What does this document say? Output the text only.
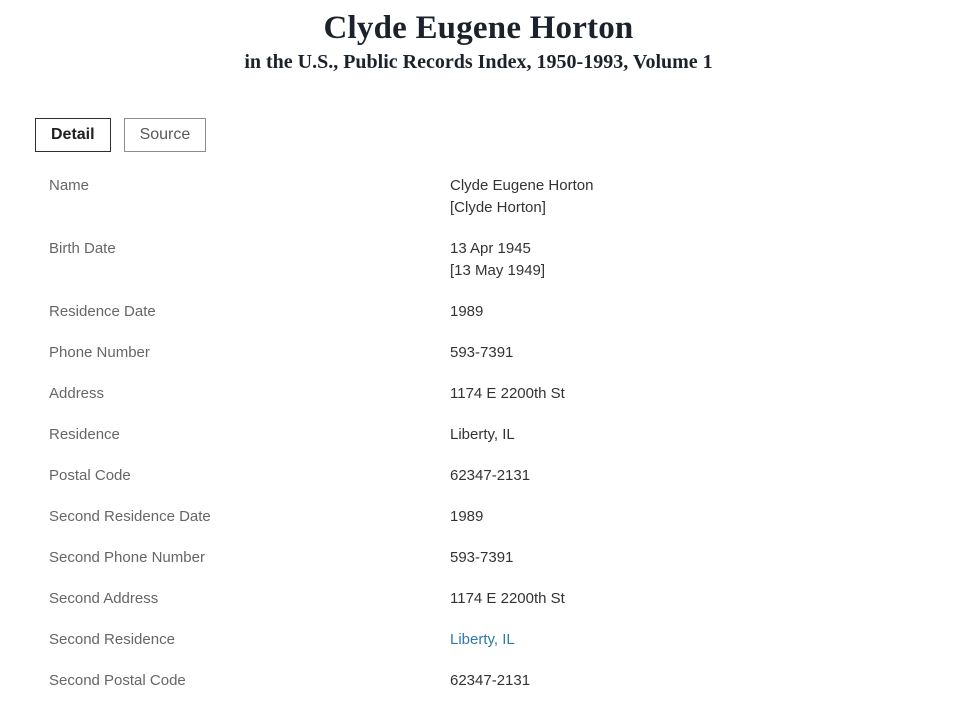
Clyde Eugene Horton
in the U.S., Public Records Index, 1950-1993, Volume 1
Detail	Source
Name	Clyde Eugene Horton
[Clyde Horton]
Birth Date	13 Apr 1945
[13 May 1949]
Residence Date	1989
Phone Number	593-7391
Address	1174 E 2200th St
Residence	Liberty, IL
Postal Code	62347-2131
Second Residence Date	1989
Second Phone Number	593-7391
Second Address	1174 E 2200th St
Second Residence	Liberty, IL
Second Postal Code	62347-2131
